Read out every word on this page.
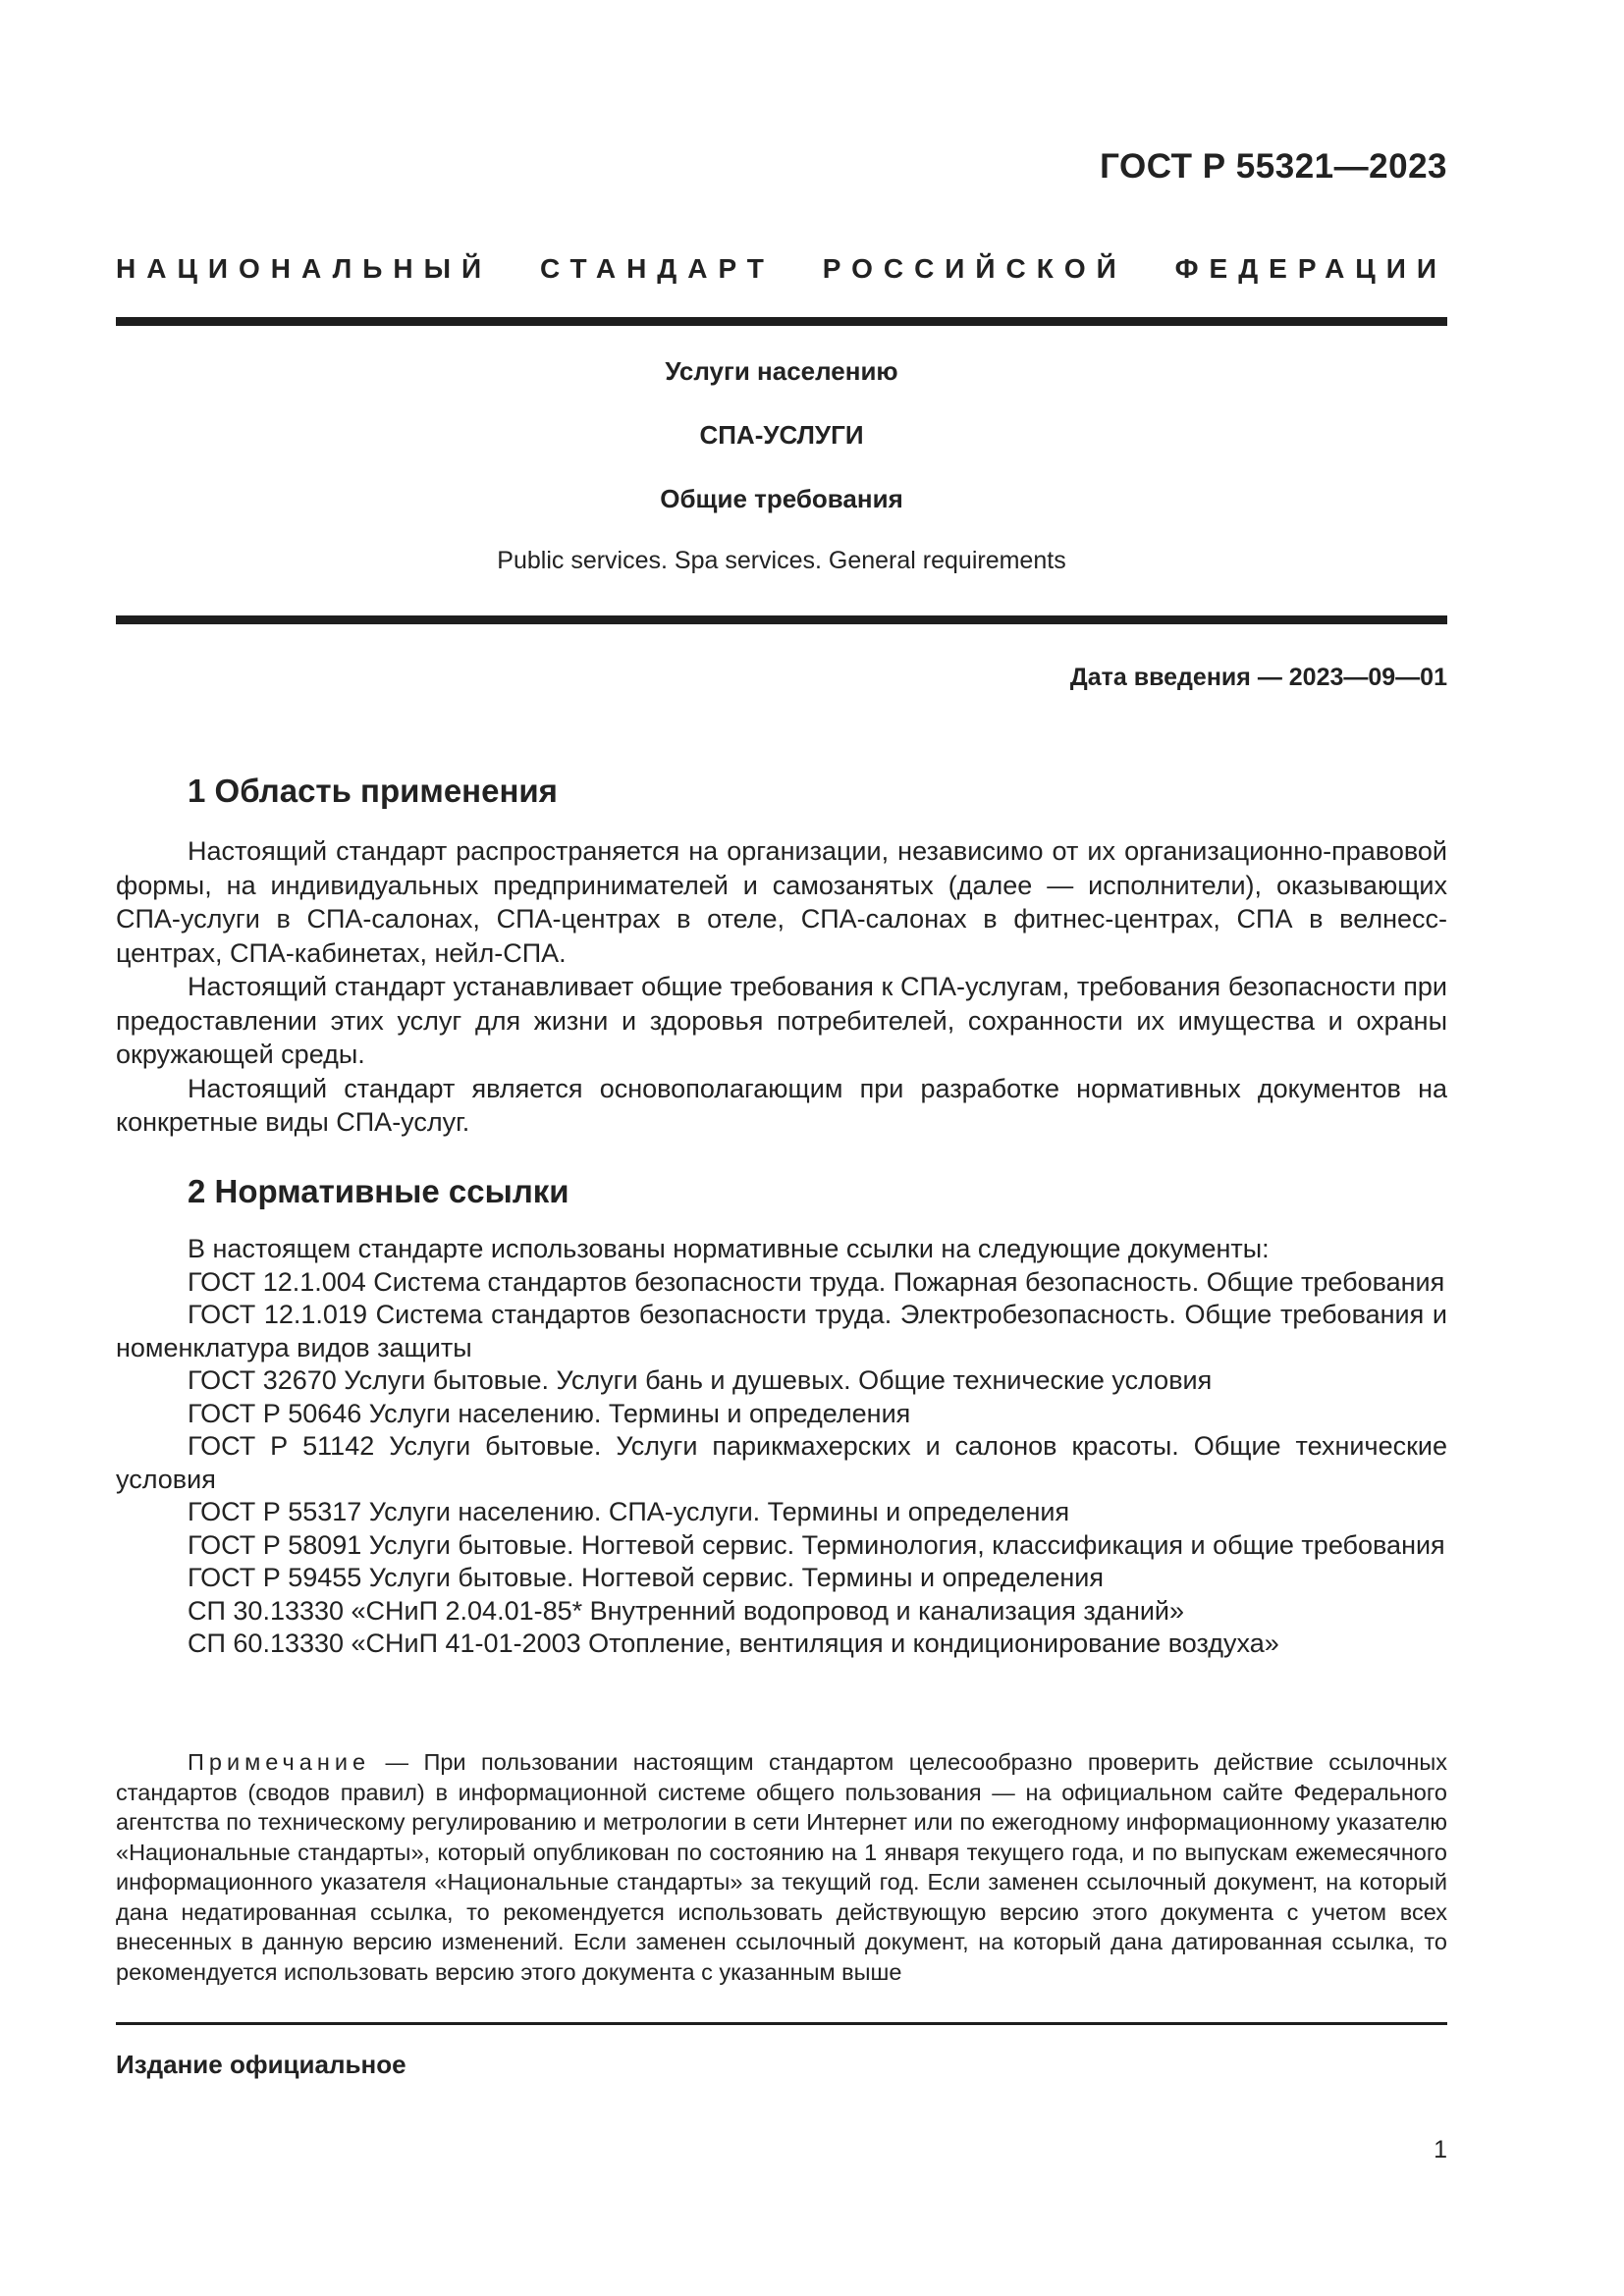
ГОСТ Р 55321—2023
НАЦИОНАЛЬНЫЙ СТАНДАРТ РОССИЙСКОЙ ФЕДЕРАЦИИ
Услуги населению
СПА-УСЛУГИ
Общие требования
Public services. Spa services. General requirements
Дата введения — 2023—09—01
1 Область применения

Настоящий стандарт распространяется на организации, независимо от их организационно-правовой формы, на индивидуальных предпринимателей и самозанятых (далее — исполнители), оказывающих СПА-услуги в СПА-салонах, СПА-центрах в отеле, СПА-салонах в фитнес-центрах, СПА в велнесс-центрах, СПА-кабинетах, нейл-СПА.

Настоящий стандарт устанавливает общие требования к СПА-услугам, требования безопасности при предоставлении этих услуг для жизни и здоровья потребителей, сохранности их имущества и охраны окружающей среды.

Настоящий стандарт является основополагающим при разработке нормативных документов на конкретные виды СПА-услуг.

2 Нормативные ссылки

В настоящем стандарте использованы нормативные ссылки на следующие документы:

ГОСТ 12.1.004 Система стандартов безопасности труда. Пожарная безопасность. Общие требования

ГОСТ 12.1.019 Система стандартов безопасности труда. Электробезопасность. Общие требования и номенклатура видов защиты

ГОСТ 32670 Услуги бытовые. Услуги бань и душевых. Общие технические условия

ГОСТ Р 50646 Услуги населению. Термины и определения

ГОСТ Р 51142 Услуги бытовые. Услуги парикмахерских и салонов красоты. Общие технические условия

ГОСТ Р 55317 Услуги населению. СПА-услуги. Термины и определения

ГОСТ Р 58091 Услуги бытовые. Ногтевой сервис. Терминология, классификация и общие требования

ГОСТ Р 59455 Услуги бытовые. Ногтевой сервис. Термины и определения

СП 30.13330 «СНиП 2.04.01-85* Внутренний водопровод и канализация зданий»

СП 60.13330 «СНиП 41-01-2003 Отопление, вентиляция и кондиционирование воздуха»

Примечание — При пользовании настоящим стандартом целесообразно проверить действие ссылочных стандартов (сводов правил) в информационной системе общего пользования — на официальном сайте Федерального агентства по техническому регулированию и метрологии в сети Интернет или по ежегодному информационному указателю «Национальные стандарты», который опубликован по состоянию на 1 января текущего года, и по выпускам ежемесячного информационного указателя «Национальные стандарты» за текущий год. Если заменен ссылочный документ, на который дана недатированная ссылка, то рекомендуется использовать действующую версию этого документа с учетом всех внесенных в данную версию изменений. Если заменен ссылочный документ, на который дана датированная ссылка, то рекомендуется использовать версию этого документа с указанным выше

Издание официальное
1
